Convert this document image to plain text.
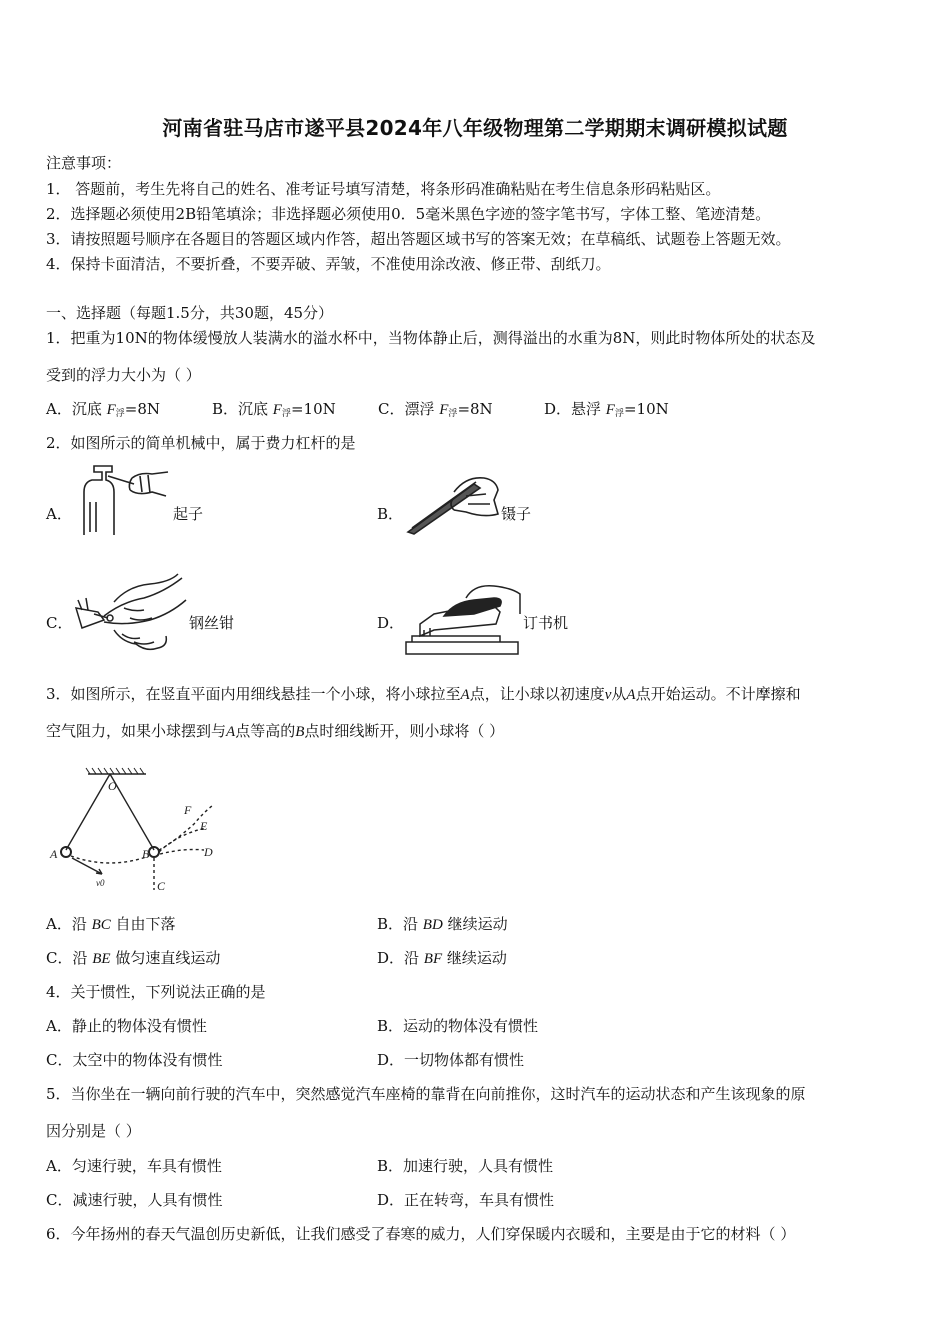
河南省驻马店市遂平县2024年八年级物理第二学期期末调研模拟试题
注意事项：
1． 答题前，考生先将自己的姓名、准考证号填写清楚，将条形码准确粘贴在考生信息条形码粘贴区。
2．选择题必须使用2B铅笔填涂；非选择题必须使用0．5毫米黑色字迹的签字笔书写，字体工整、笔迹清楚。
3．请按照题号顺序在各题目的答题区域内作答，超出答题区域书写的答案无效；在草稿纸、试题卷上答题无效。
4．保持卡面清洁，不要折叠，不要弄破、弄皱，不准使用涂改液、修正带、刮纸刀。
一、选择题（每题1.5分，共30题，45分）
1．把重为10N的物体缓慢放人装满水的溢水杯中，当物体静止后，测得溢出的水重为8N，则此时物体所处的状态及
受到的浮力大小为（ ）
A．沉底 $F_浮=8N$	B．沉底 $F_浮=10N$	C．漂浮 $F_浮=8N$	D．悬浮 $F_浮=10N$
2．如图所示的简单机械中，属于费力杠杆的是
A．	起子	B．	镊子
C．	钢丝钳	D．	订书机
3．如图所示，在竖直平面内用细线悬挂一个小球，将小球拉至A点，让小球以初速度v从A点开始运动。不计摩擦和
空气阻力，如果小球摆到与A点等高的B点时细线断开，则小球将（ ）
O
A	B
C
D
E
F
v0
A．沿 BC 自由下落	B．沿 BD 继续运动
C．沿 BE 做匀速直线运动	D．沿 BF 继续运动
4．关于惯性，下列说法正确的是
A．静止的物体没有惯性	B．运动的物体没有惯性
C．太空中的物体没有惯性	D．一切物体都有惯性
5．当你坐在一辆向前行驶的汽车中，突然感觉汽车座椅的靠背在向前推你，这时汽车的运动状态和产生该现象的原
因分别是（ ）
A．匀速行驶，车具有惯性	B．加速行驶，人具有惯性
C．减速行驶，人具有惯性	D．正在转弯，车具有惯性
6．今年扬州的春天气温创历史新低，让我们感受了春寒的威力，人们穿保暖内衣暖和，主要是由于它的材料（ ）
